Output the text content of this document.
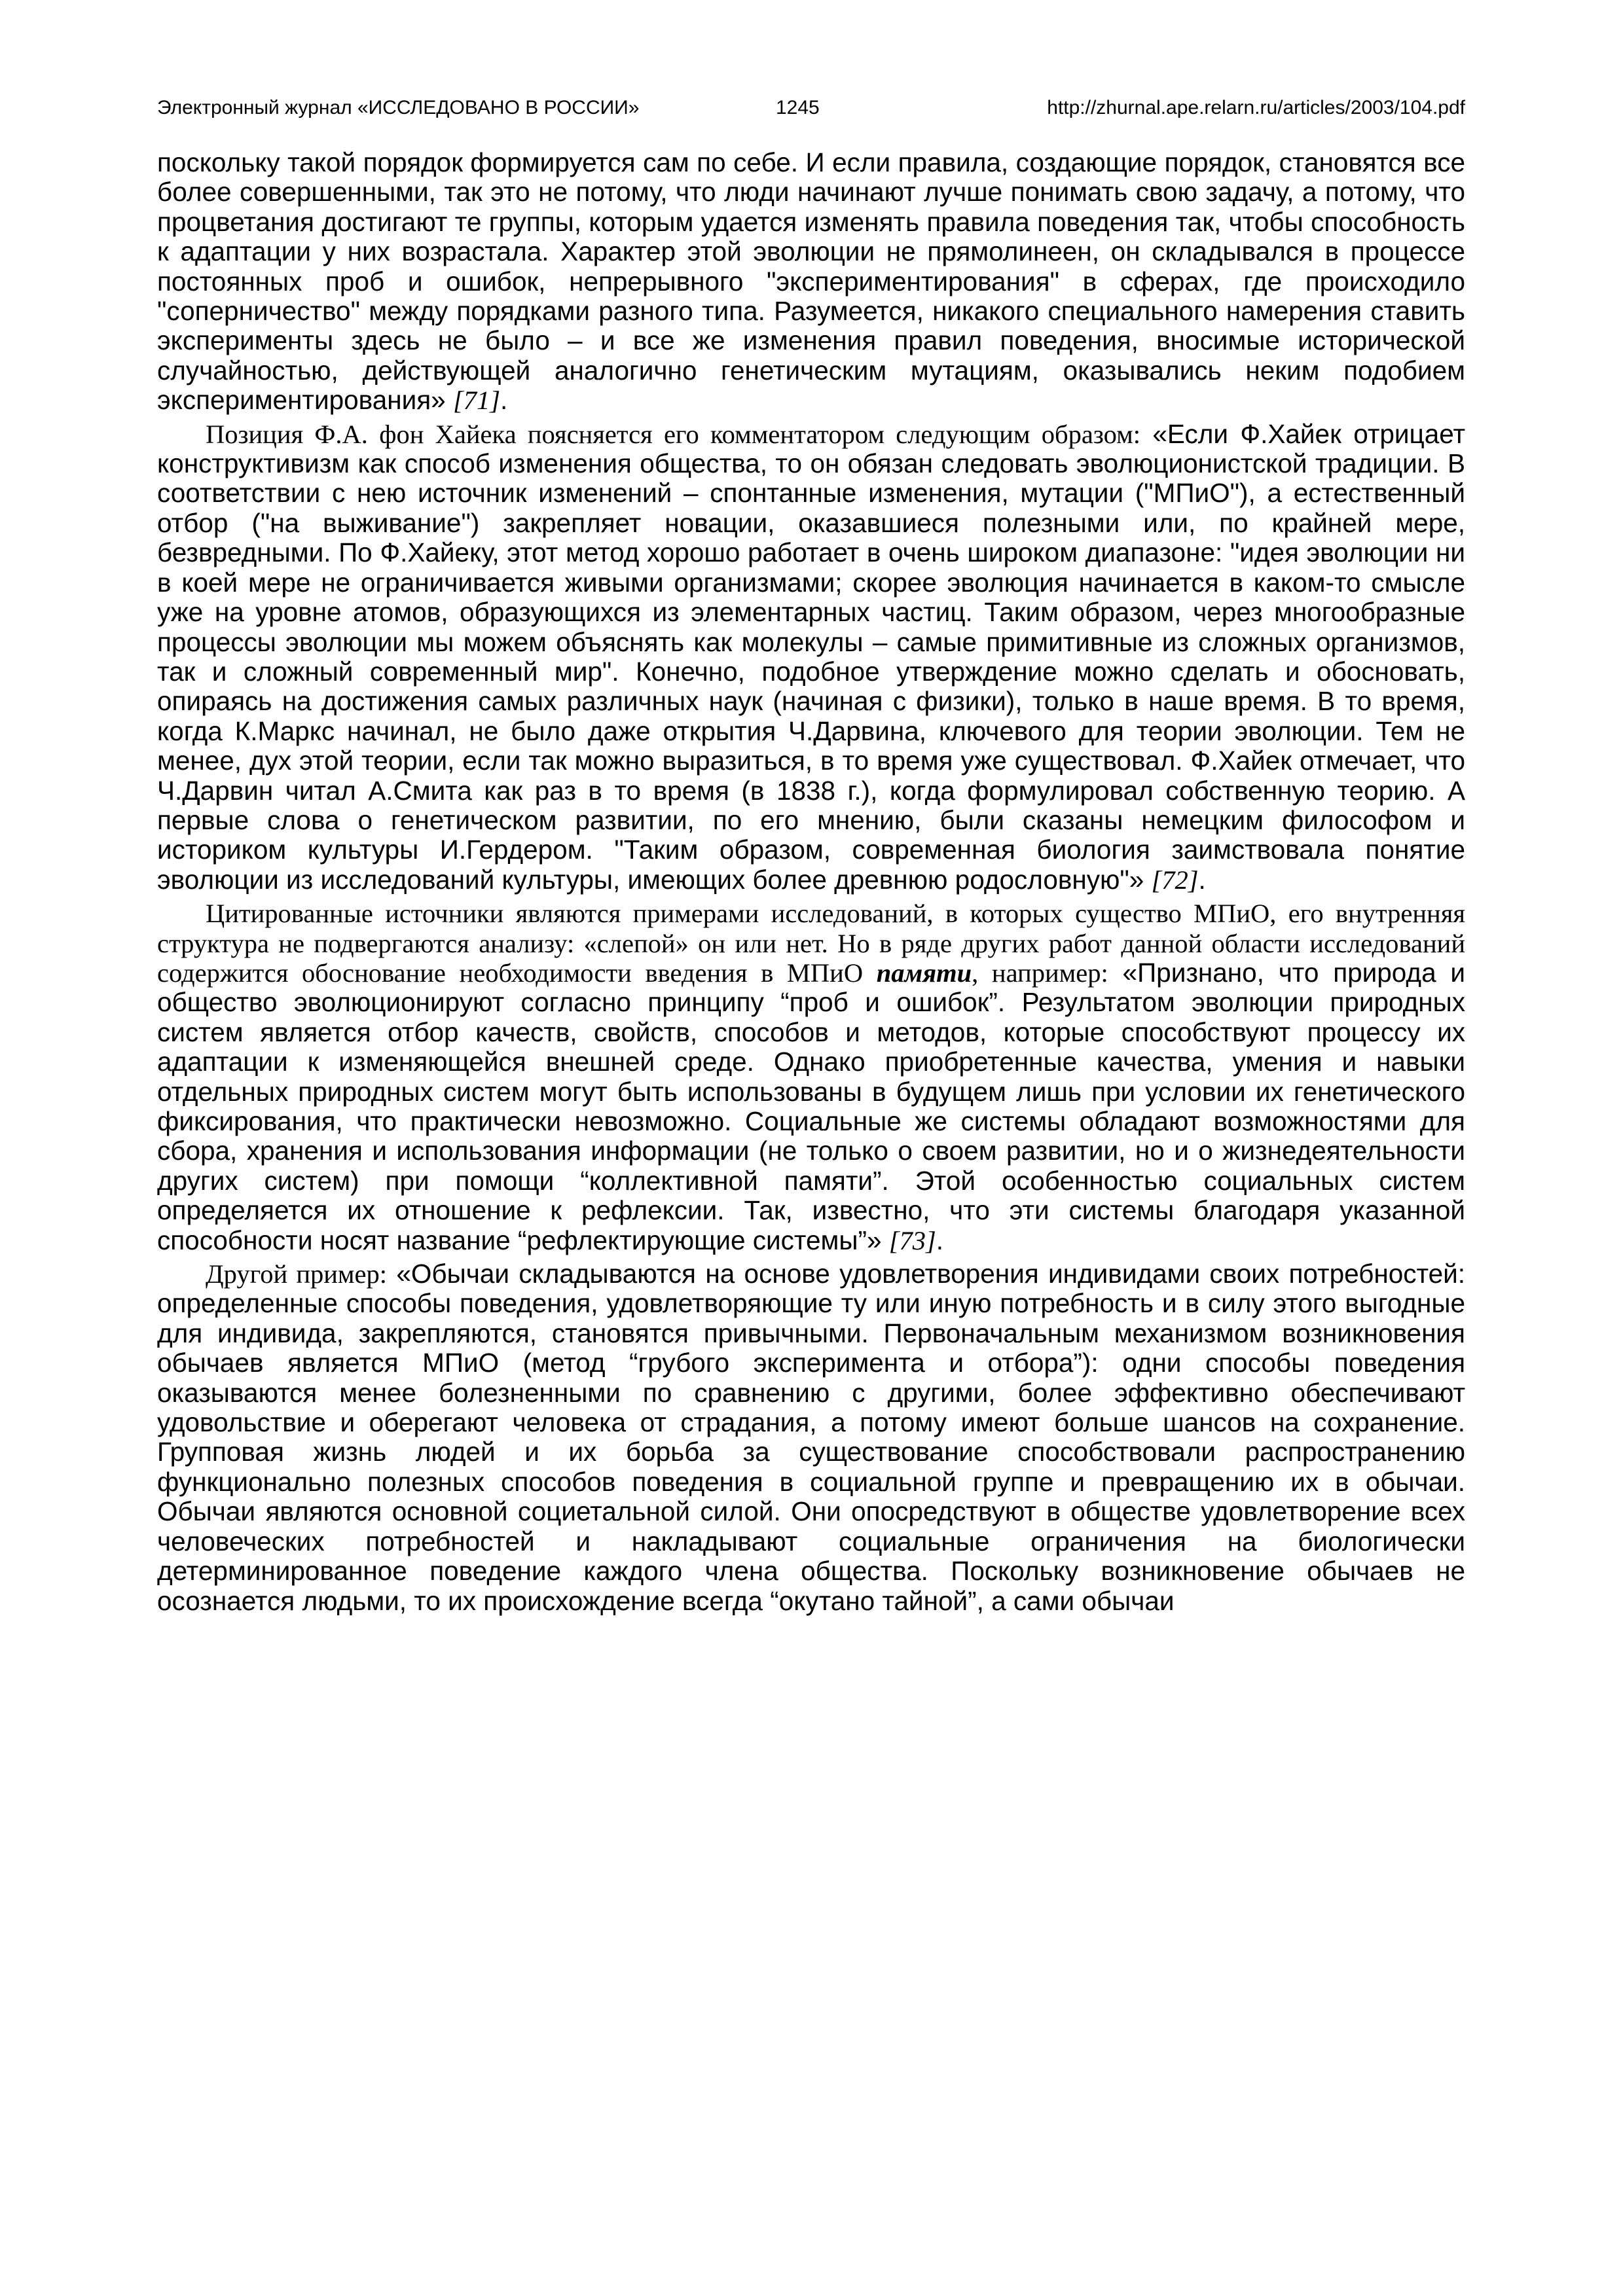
Электронный журнал «ИССЛЕДОВАНО В РОССИИ»	1245	http://zhurnal.ape.relarn.ru/articles/2003/104.pdf

поскольку такой порядок формируется сам по себе. И если правила, создающие порядок, становятся все более совершенными, так это не потому, что люди начинают лучше понимать свою задачу, а потому, что процветания достигают те группы, которым удается изменять правила поведения так, чтобы способность к адаптации у них возрастала. Характер этой эволюции не прямолинеен, он складывался в процессе постоянных проб и ошибок, непрерывного "экспериментирования" в сферах, где происходило "соперничество" между порядками разного типа. Разумеется, никакого специального намерения ставить эксперименты здесь не было – и все же изменения правил поведения, вносимые исторической случайностью, действующей аналогично генетическим мутациям, оказывались неким подобием экспериментирования» [71].

Позиция Ф.А. фон Хайека поясняется его комментатором следующим образом: «Если Ф.Хайек отрицает конструктивизм как способ изменения общества, то он обязан следовать эволюционистской традиции. В соответствии с нею источник изменений – спонтанные изменения, мутации ("МПиО"), а естественный отбор ("на выживание") закрепляет новации, оказавшиеся полезными или, по крайней мере, безвредными. По Ф.Хайеку, этот метод хорошо работает в очень широком диапазоне: "идея эволюции ни в коей мере не ограничивается живыми организмами; скорее эволюция начинается в каком-то смысле уже на уровне атомов, образующихся из элементарных частиц. Таким образом, через многообразные процессы эволюции мы можем объяснять как молекулы – самые примитивные из сложных организмов, так и сложный современный мир". Конечно, подобное утверждение можно сделать и обосновать, опираясь на достижения самых различных наук (начиная с физики), только в наше время. В то время, когда К.Маркс начинал, не было даже открытия Ч.Дарвина, ключевого для теории эволюции. Тем не менее, дух этой теории, если так можно выразиться, в то время уже существовал. Ф.Хайек отмечает, что Ч.Дарвин читал А.Смита как раз в то время (в 1838 г.), когда формулировал собственную теорию. А первые слова о генетическом развитии, по его мнению, были сказаны немецким философом и историком культуры И.Гердером. "Таким образом, современная биология заимствовала понятие эволюции из исследований культуры, имеющих более древнюю родословную"» [72].

Цитированные источники являются примерами исследований, в которых существо МПиО, его внутренняя структура не подвергаются анализу: «слепой» он или нет. Но в ряде других работ данной области исследований содержится обоснование необходимости введения в МПиО памяти, например: «Признано, что природа и общество эволюционируют согласно принципу “проб и ошибок”. Результатом эволюции природных систем является отбор качеств, свойств, способов и методов, которые способствуют процессу их адаптации к изменяющейся внешней среде. Однако приобретенные качества, умения и навыки отдельных природных систем могут быть использованы в будущем лишь при условии их генетического фиксирования, что практически невозможно. Социальные же системы обладают возможностями для сбора, хранения и использования информации (не только о своем развитии, но и о жизнедеятельности других систем) при помощи “коллективной памяти”. Этой особенностью социальных систем определяется их отношение к рефлексии. Так, известно, что эти системы благодаря указанной способности носят название “рефлектирующие системы”» [73].

Другой пример: «Обычаи складываются на основе удовлетворения индивидами своих потребностей: определенные способы поведения, удовлетворяющие ту или иную потребность и в силу этого выгодные для индивида, закрепляются, становятся привычными. Первоначальным механизмом возникновения обычаев является МПиО (метод “грубого эксперимента и отбора”): одни способы поведения оказываются менее болезненными по сравнению с другими, более эффективно обеспечивают удовольствие и оберегают человека от страдания, а потому имеют больше шансов на сохранение. Групповая жизнь людей и их борьба за существование способствовали распространению функционально полезных способов поведения в социальной группе и превращению их в обычаи. Обычаи являются основной социетальной силой. Они опосредствуют в обществе удовлетворение всех человеческих потребностей и накладывают социальные ограничения на биологически детерминированное поведение каждого члена общества. Поскольку возникновение обычаев не осознается людьми, то их происхождение всегда “окутано тайной”, а сами обычаи
